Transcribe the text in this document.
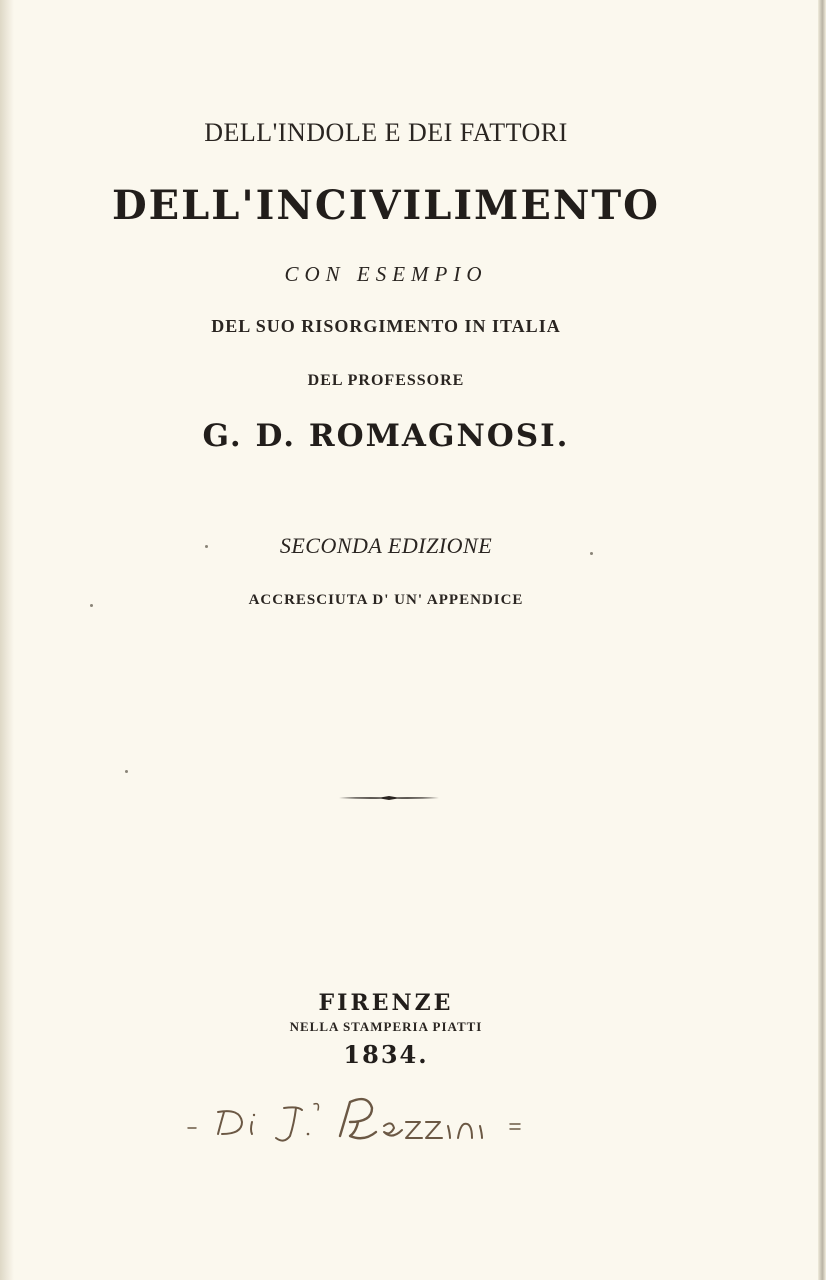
DELL'INDOLE E DEI FATTORI
DELL'INCIVILIMENTO
CON ESEMPIO
DEL SUO RISORGIMENTO IN ITALIA
DEL PROFESSORE
G. D. ROMAGNOSI.
SECONDA EDIZIONE
ACCRESCIUTA D' UN' APPENDICE
FIRENZE
NELLA STAMPERIA PIATTI
1834.
